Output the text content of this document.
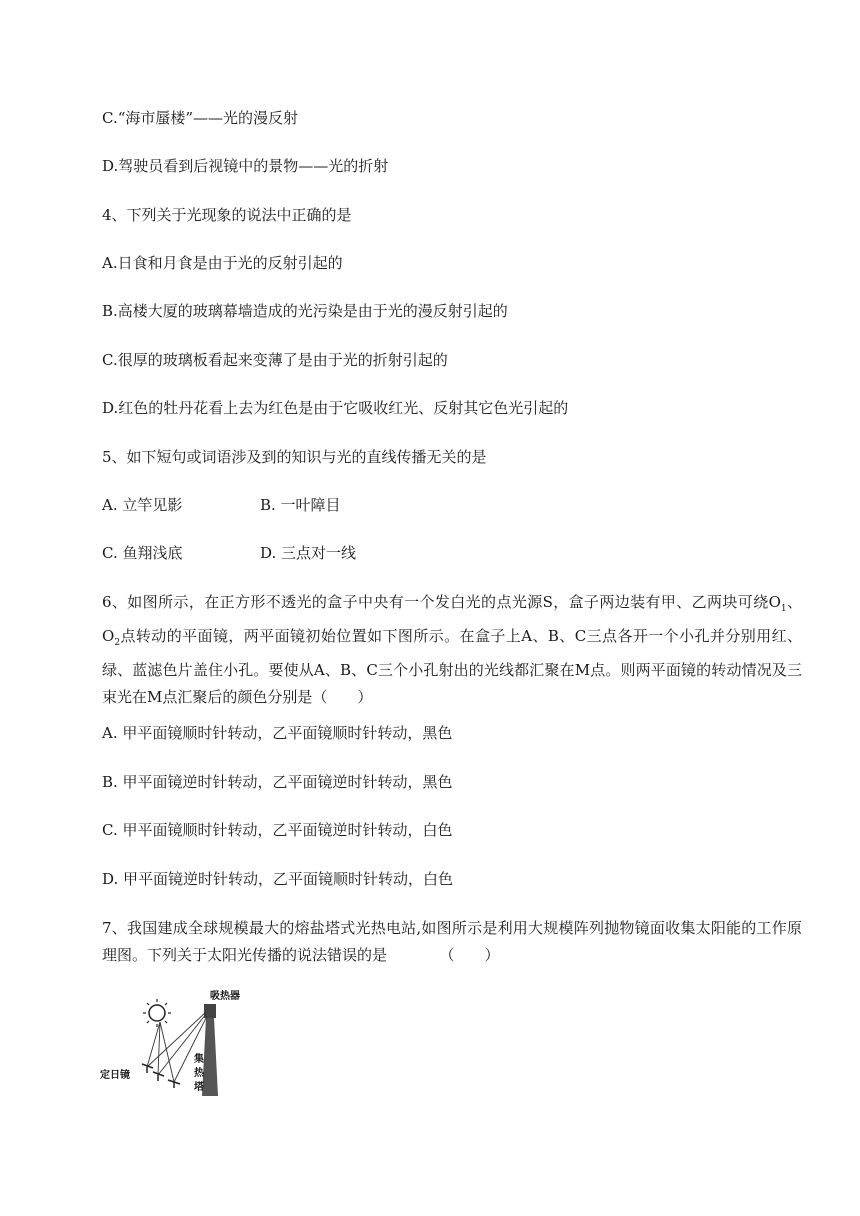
C.“海市蜃楼”——光的漫反射
D.驾驶员看到后视镜中的景物——光的折射
4、下列关于光现象的说法中正确的是
A.日食和月食是由于光的反射引起的
B.高楼大厦的玻璃幕墙造成的光污染是由于光的漫反射引起的
C.很厚的玻璃板看起来变薄了是由于光的折射引起的
D.红色的牡丹花看上去为红色是由于它吸收红光、反射其它色光引起的
5、如下短句或词语涉及到的知识与光的直线传播无关的是
A. 立竿见影	B. 一叶障目
C. 鱼翔浅底	D. 三点对一线
6、如图所示，在正方形不透光的盒子中央有一个发白光的点光源S，盒子两边装有甲、乙两块可绕$O_1$、$O_2$点转动的平面镜，两平面镜初始位置如下图所示。在盒子上A、B、C三点各开一个小孔并分别用红、绿、蓝滤色片盖住小孔。要使从A、B、C三个小孔射出的光线都汇聚在M点。则两平面镜的转动情况及三束光在M点汇聚后的颜色分别是（　　）
A. 甲平面镜顺时针转动，乙平面镜顺时针转动，黑色
B. 甲平面镜逆时针转动，乙平面镜逆时针转动，黑色
C. 甲平面镜顺时针转动，乙平面镜逆时针转动，白色
D. 甲平面镜逆时针转动，乙平面镜顺时针转动，白色
7、我国建成全球规模最大的熔盐塔式光热电站,如图所示是利用大规模阵列抛物镜面收集太阳能的工作原理图。下列关于太阳光传播的说法错误的是　　　　（　　）
吸热器
定日镜
集
热
塔
